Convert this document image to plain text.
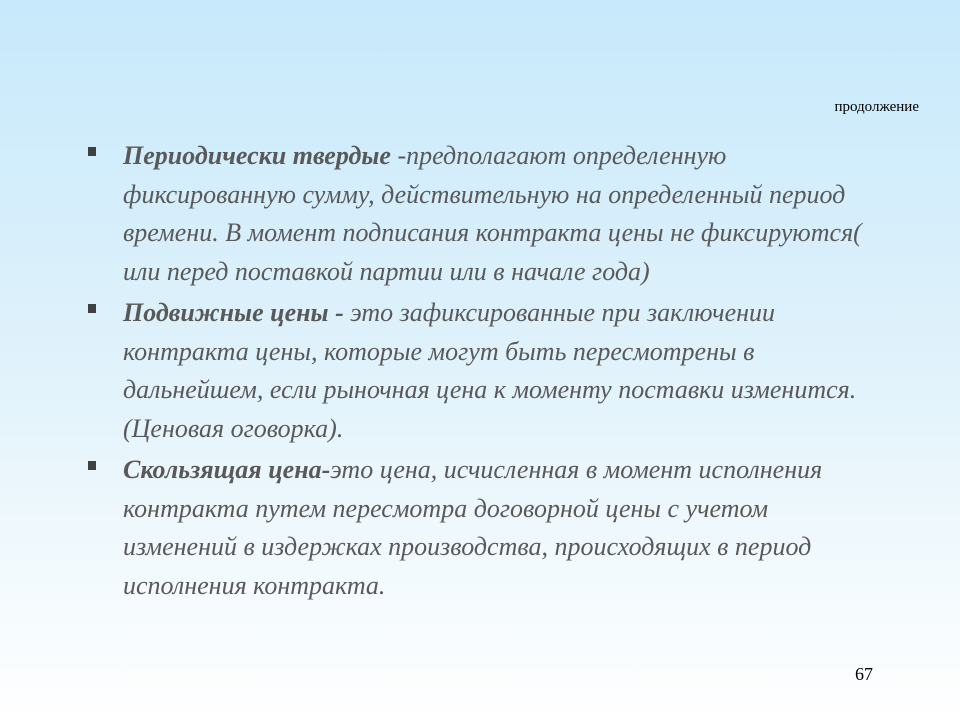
продолжение
Периодически твердые -предполагают определенную фиксированную сумму, действительную на определенный период времени. В момент подписания контракта цены не фиксируются( или перед поставкой партии или в начале года)
Подвижные цены - это зафиксированные при заключении контракта цены, которые могут быть пересмотрены в дальнейшем, если рыночная цена к моменту поставки изменится.(Ценовая оговорка).
Скользящая цена-это цена, исчисленная в момент исполнения контракта путем пересмотра договорной цены с учетом изменений в издержках производства, происходящих в период исполнения контракта.
67
